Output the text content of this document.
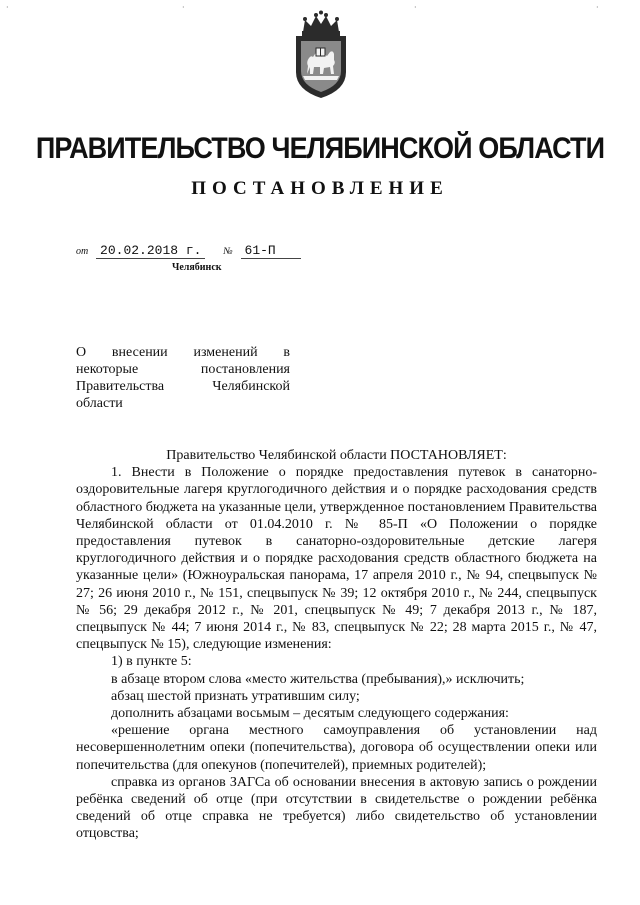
·	·	·	·
ПРАВИТЕЛЬСТВО ЧЕЛЯБИНСКОЙ ОБЛАСТИ
ПОСТАНОВЛЕНИЕ
от 20.02.2018 г. № 61-П
Челябинск
О внесении изменений в
некоторые постановления
Правительства Челябинской
области

Правительство Челябинской области ПОСТАНОВЛЯЕТ:

1. Внести в Положение о порядке предоставления путевок в санаторно-оздоровительные лагеря круглогодичного действия и о порядке расходования средств областного бюджета на указанные цели, утвержденное постановлением Правительства Челябинской области от 01.04.2010 г. № 85-П «О Положении о порядке предоставления путевок в санаторно-оздоровительные детские лагеря круглогодичного действия и о порядке расходования средств областного бюджета на указанные цели» (Южноуральская панорама, 17 апреля 2010 г., № 94, спецвыпуск № 27; 26 июня 2010 г., № 151, спецвыпуск № 39; 12 октября 2010 г., № 244, спецвыпуск № 56; 29 декабря 2012 г., № 201, спецвыпуск № 49; 7 декабря 2013 г., № 187, спецвыпуск № 44; 7 июня 2014 г., № 83, спецвыпуск № 22; 28 марта 2015 г., № 47, спецвыпуск № 15), следующие изменения:

1) в пункте 5:

в абзаце втором слова «место жительства (пребывания),» исключить;

абзац шестой признать утратившим силу;

дополнить абзацами восьмым – десятым следующего содержания:

«решение органа местного самоуправления об установлении над несовершеннолетним опеки (попечительства), договора об осуществлении опеки или попечительства (для опекунов (попечителей), приемных родителей);

справка из органов ЗАГСа об основании внесения в актовую запись о рождении ребёнка сведений об отце (при отсутствии в свидетельстве о рождении ребёнка сведений об отце справка не требуется) либо свидетельство об установлении отцовства;
